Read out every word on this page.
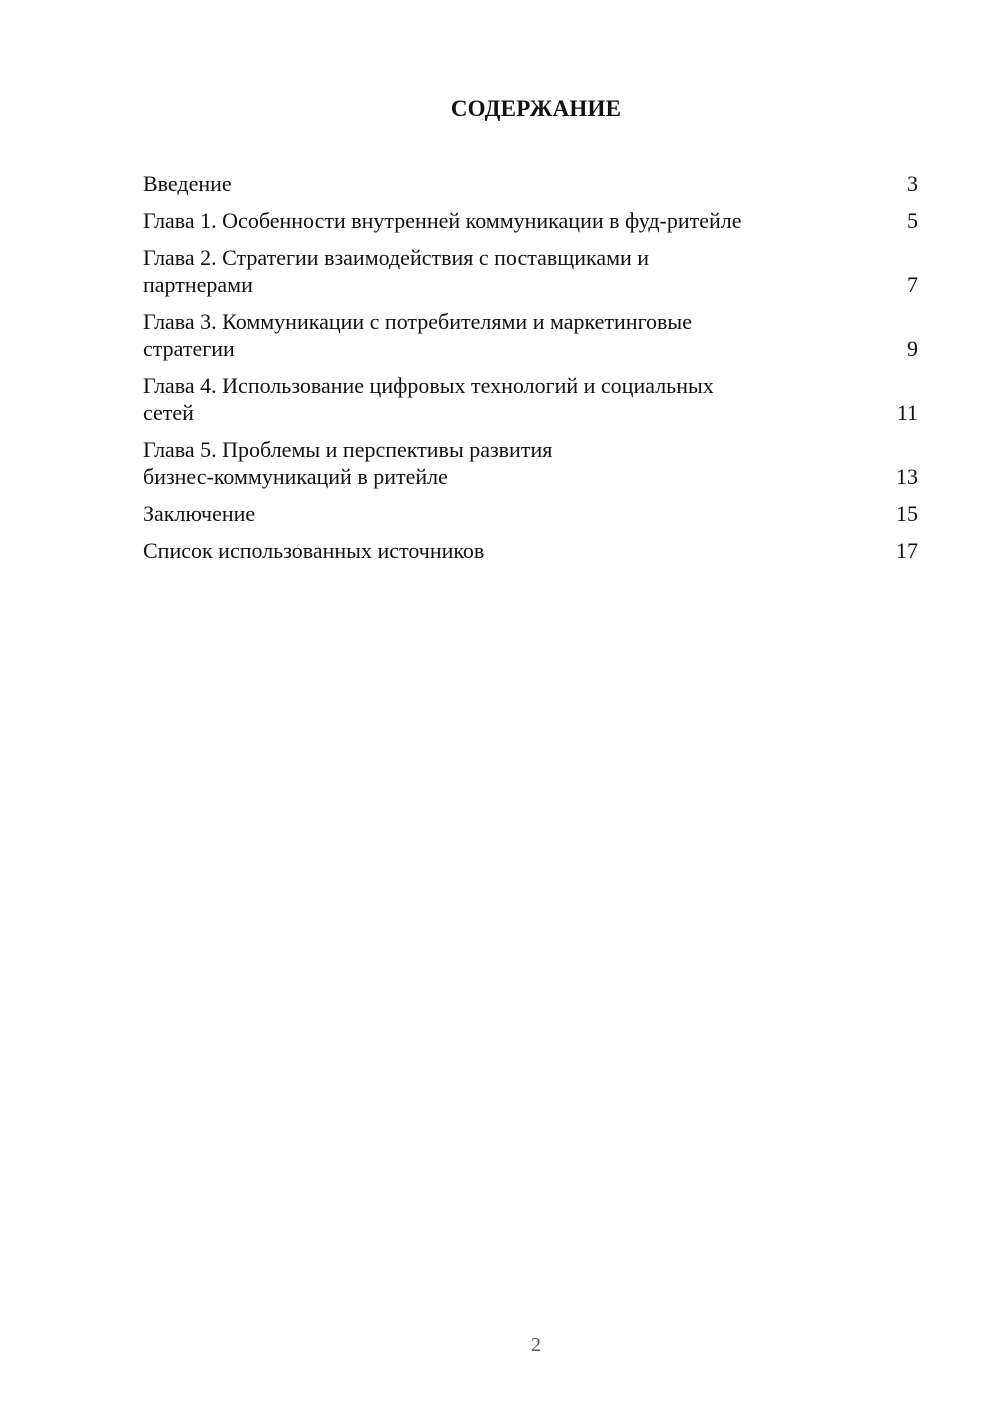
СОДЕРЖАНИЕ
Введение	3
Глава 1. Особенности внутренней коммуникации в фуд-ритейле	5
Глава 2. Стратегии взаимодействия с поставщиками и
партнерами	7
Глава 3. Коммуникации с потребителями и маркетинговые
стратегии	9
Глава 4. Использование цифровых технологий и социальных
сетей	11
Глава 5. Проблемы и перспективы развития
бизнес-коммуникаций в ритейле	13
Заключение	15
Список использованных источников	17
2
